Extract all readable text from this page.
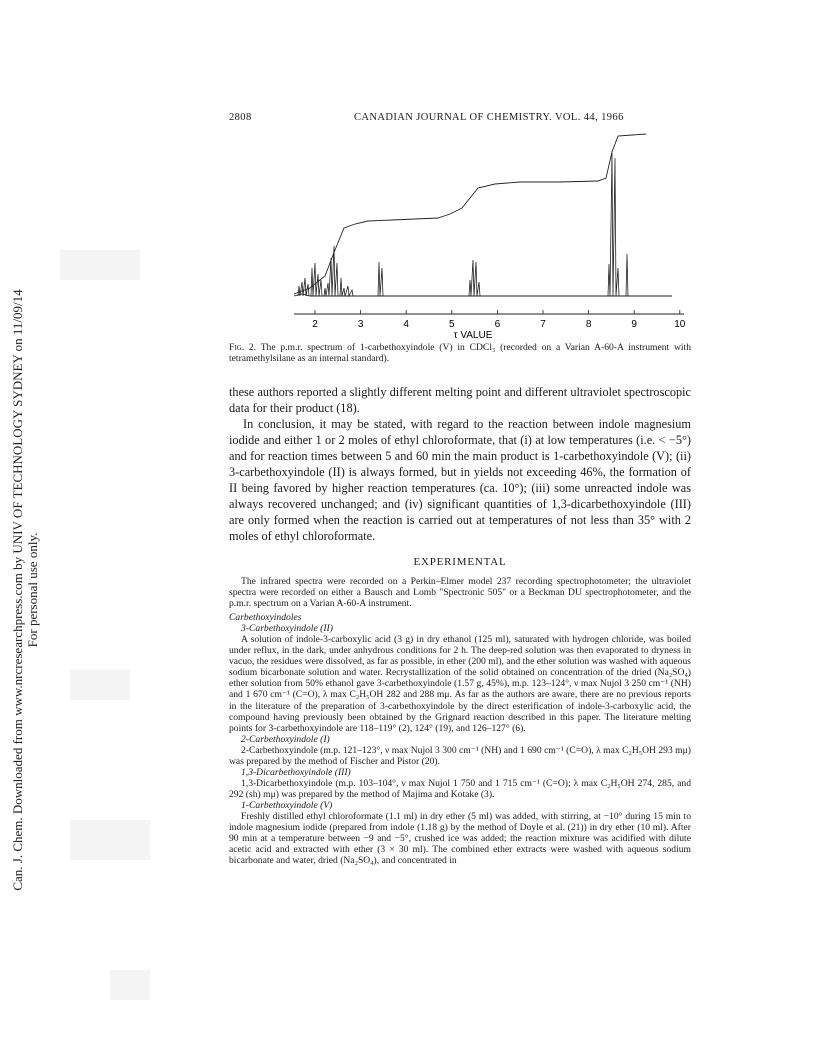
Can. J. Chem. Downloaded from www.nrcresearchpress.com by UNIV OF TECHNOLOGY SYDNEY on 11/09/14 For personal use only.
2808	CANADIAN JOURNAL OF CHEMISTRY. VOL. 44, 1966
2	3	4	5	6	7	8	9	10
τ VALUE
Fig. 2. The p.m.r. spectrum of 1-carbethoxyindole (V) in CDCl₃ (recorded on a Varian A-60-A instrument with tetramethylsilane as an internal standard).

these authors reported a slightly different melting point and different ultraviolet spectroscopic data for their product (18).

In conclusion, it may be stated, with regard to the reaction between indole magnesium iodide and either 1 or 2 moles of ethyl chloroformate, that (i) at low temperatures (i.e. < −5°) and for reaction times between 5 and 60 min the main product is 1-carbethoxyindole (V); (ii) 3-carbethoxyindole (II) is always formed, but in yields not exceeding 46%, the formation of II being favored by higher reaction temperatures (ca. 10°); (iii) some unreacted indole was always recovered unchanged; and (iv) significant quantities of 1,3-dicarbethoxyindole (III) are only formed when the reaction is carried out at temperatures of not less than 35° with 2 moles of ethyl chloroformate.

EXPERIMENTAL

The infrared spectra were recorded on a Perkin–Elmer model 237 recording spectrophotometer; the ultraviolet spectra were recorded on either a Bausch and Lomb "Spectronic 505" or a Beckman DU spectrophotometer, and the p.m.r. spectrum on a Varian A-60-A instrument.

Carbethoxyindoles

3-Carbethoxyindole (II)

A solution of indole-3-carboxylic acid (3 g) in dry ethanol (125 ml), saturated with hydrogen chloride, was boiled under reflux, in the dark, under anhydrous conditions for 2 h. The deep-red solution was then evaporated to dryness in vacuo, the residues were dissolved, as far as possible, in ether (200 ml), and the ether solution was washed with aqueous sodium bicarbonate solution and water. Recrystallization of the solid obtained on concentration of the dried (Na₂SO₄) ether solution from 50% ethanol gave 3-carbethoxyindole (1.57 g, 45%), m.p. 123–124°, ν max Nujol 3 250 cm⁻¹ (NH) and 1 670 cm⁻¹ (C=O), λ max C₂H₅OH 282 and 288 mμ. As far as the authors are aware, there are no previous reports in the literature of the preparation of 3-carbethoxyindole by the direct esterification of indole-3-carboxylic acid, the compound having previously been obtained by the Grignard reaction described in this paper. The literature melting points for 3-carbethoxyindole are 118–119° (2), 124° (19), and 126–127° (6).

2-Carbethoxyindole (I)

2-Carbethoxyindole (m.p. 121–123°, ν max Nujol 3 300 cm⁻¹ (NH) and 1 690 cm⁻¹ (C=O), λ max C₂H₅OH 293 mμ) was prepared by the method of Fischer and Pistor (20).

1,3-Dicarbethoxyindole (III)

1,3-Dicarbethoxyindole (m.p. 103–104°, ν max Nujol 1 750 and 1 715 cm⁻¹ (C=O); λ max C₂H₅OH 274, 285, and 292 (sh) mμ) was prepared by the method of Majima and Kotake (3).

1-Carbethoxyindole (V)

Freshly distilled ethyl chloroformate (1.1 ml) in dry ether (5 ml) was added, with stirring, at −10° during 15 min to indole magnesium iodide (prepared from indole (1.18 g) by the method of Doyle et al. (21)) in dry ether (10 ml). After 90 min at a temperature between −9 and −5°, crushed ice was added; the reaction mixture was acidified with dilute acetic acid and extracted with ether (3 × 30 ml). The combined ether extracts were washed with aqueous sodium bicarbonate and water, dried (Na₂SO₄), and concentrated in
